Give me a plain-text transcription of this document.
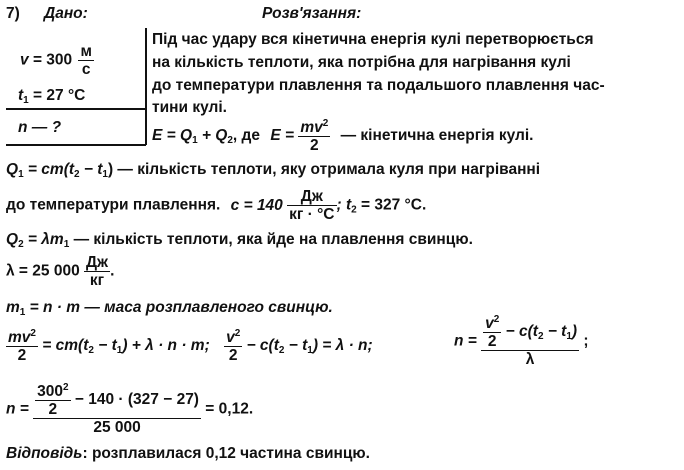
7) Дано:	Розв'язання:
$v = 300 \frac{м}{с}$
$t_1 = 27$ °С
n — ?
Під час удару вся кінетична енергія кулі перетворюється
на кількість теплоти, яка потрібна для нагрівання кулі
до температури плавлення та подальшого плавлення час-
тини кулі.
$E = Q_1 + Q_2$, де $E = \frac{mv^2}{2}$ — кінетична енергія кулі.
$Q_1 = cm(t_2 - t_1)$ — кількість теплоти, яку отримала куля при нагріванні
до температури плавлення. $c = 140 \frac{Дж}{кг \cdot ^\circ С}$ ; $t_2 = 327$ °С.
$Q_2 = \lambda m_1$ — кількість теплоти, яка йде на плавлення свинцю.
λ = 25 $000 \frac{Дж}{кг}$ .
$m_1 = n \cdot m$ — маса розплавленого свинцю.
$\frac{mv^2}{2} = cm(t_2 - t_1) + \lambda \cdot n \cdot m$; $\frac{v^2}{2} - c(t_2 - t_1) = \lambda \cdot n$;	$n = \frac{\frac{v^2}{2} - c(t_2 - t_1)}{\lambda}$ ;
$n = \frac{\frac{300^2}{2} - 140 \cdot (327 - 27)}{25 000} = 0,12$.
Відповідь: розплавилася 0,12 частина свинцю.
